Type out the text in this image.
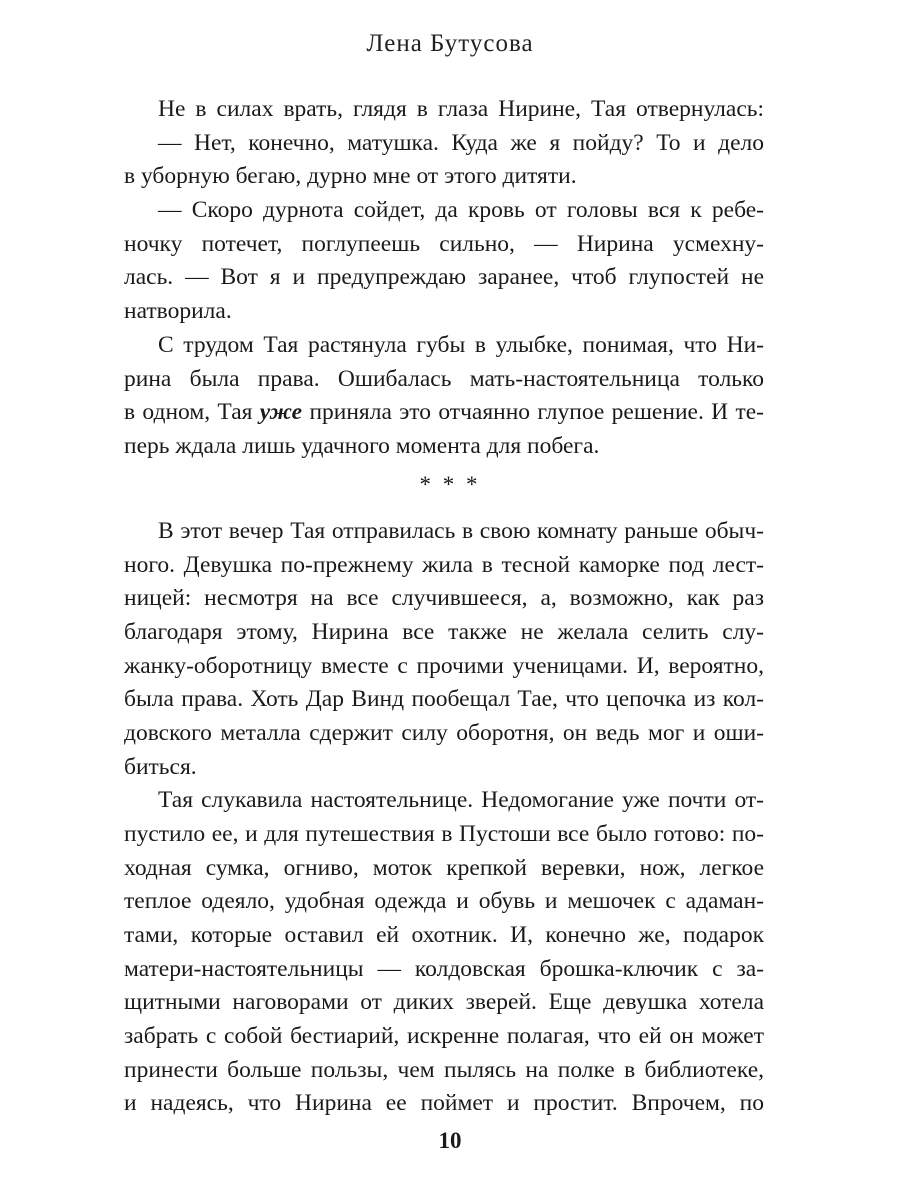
Лена Бутусова
Не в силах врать, глядя в глаза Нирине, Тая отвернулась:
— Нет, конечно, матушка. Куда же я пойду? То и дело
в уборную бегаю, дурно мне от этого дитяти.
— Скоро дурнота сойдет, да кровь от головы вся к ребе-
ночку потечет, поглупеешь сильно, — Нирина усмехну-
лась. — Вот я и предупреждаю заранее, чтоб глупостей не
натворила.
С трудом Тая растянула губы в улыбке, понимая, что Ни-
рина была права. Ошибалась мать-настоятельница только
в одном, Тая уже приняла это отчаянно глупое решение. И те-
перь ждала лишь удачного момента для побега.
* * *
В этот вечер Тая отправилась в свою комнату раньше обыч-
ного. Девушка по-прежнему жила в тесной каморке под лест-
ницей: несмотря на все случившееся, а, возможно, как раз
благодаря этому, Нирина все также не желала селить слу-
жанку-оборотницу вместе с прочими ученицами. И, вероятно,
была права. Хоть Дар Винд пообещал Тае, что цепочка из кол-
довского металла сдержит силу оборотня, он ведь мог и оши-
биться.
Тая слукавила настоятельнице. Недомогание уже почти от-
пустило ее, и для путешествия в Пустоши все было готово: по-
ходная сумка, огниво, моток крепкой веревки, нож, легкое
теплое одеяло, удобная одежда и обувь и мешочек с адаман-
тами, которые оставил ей охотник. И, конечно же, подарок
матери-настоятельницы — колдовская брошка-ключик с за-
щитными наговорами от диких зверей. Еще девушка хотела
забрать с собой бестиарий, искренне полагая, что ей он может
принести больше пользы, чем пылясь на полке в библиотеке,
и надеясь, что Нирина ее поймет и простит. Впрочем, по
10
